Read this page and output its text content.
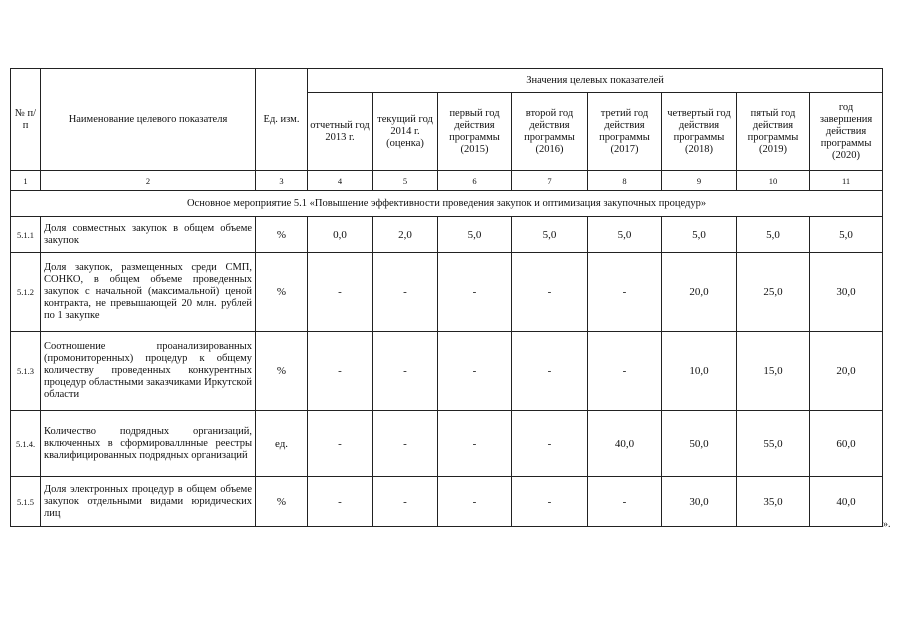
№ п/п	Наименование целевого показателя	Ед. изм.	Значения целевых показателей							
			отчетный год 2013 г.	текущий год 2014 г. (оценка)	первый год действия программы (2015)	второй год действия программы (2016)	третий год действия программы (2017)	четвертый год действия программы (2018)	пятый год действия программы (2019)	год завершения действия программы (2020)
1	2	3	4	5	6	7	8	9	10	11
Основное мероприятие 5.1 «Повышение эффективности проведения закупок и оптимизация закупочных процедур»										
5.1.1	Доля совместных закупок в общем объеме закупок	%	0,0	2,0	5,0	5,0	5,0	5,0	5,0	5,0
5.1.2	Доля закупок, размещенных среди СМП, СОНКО, в общем объеме проведенных закупок с начальной (максимальной) ценой контракта, не превышающей 20 млн. рублей по 1 закупке	%	-	-	-	-	-	20,0	25,0	30,0
5.1.3	Соотношение проанализированных (промониторенных) процедур к общему количеству проведенных конкурентных процедур областными заказчиками Иркутской области	%	-	-	-	-	-	10,0	15,0	20,0
5.1.4.	Количество подрядных организаций, включенных в сформироваллнные реестры квалифицированных подрядных организаций	ед.	-	-	-	-	40,0	50,0	55,0	60,0
5.1.5	Доля электронных процедур в общем объеме закупок отдельными видами юридических лиц	%	-	-	-	-	-	30,0	35,0	40,0
».
